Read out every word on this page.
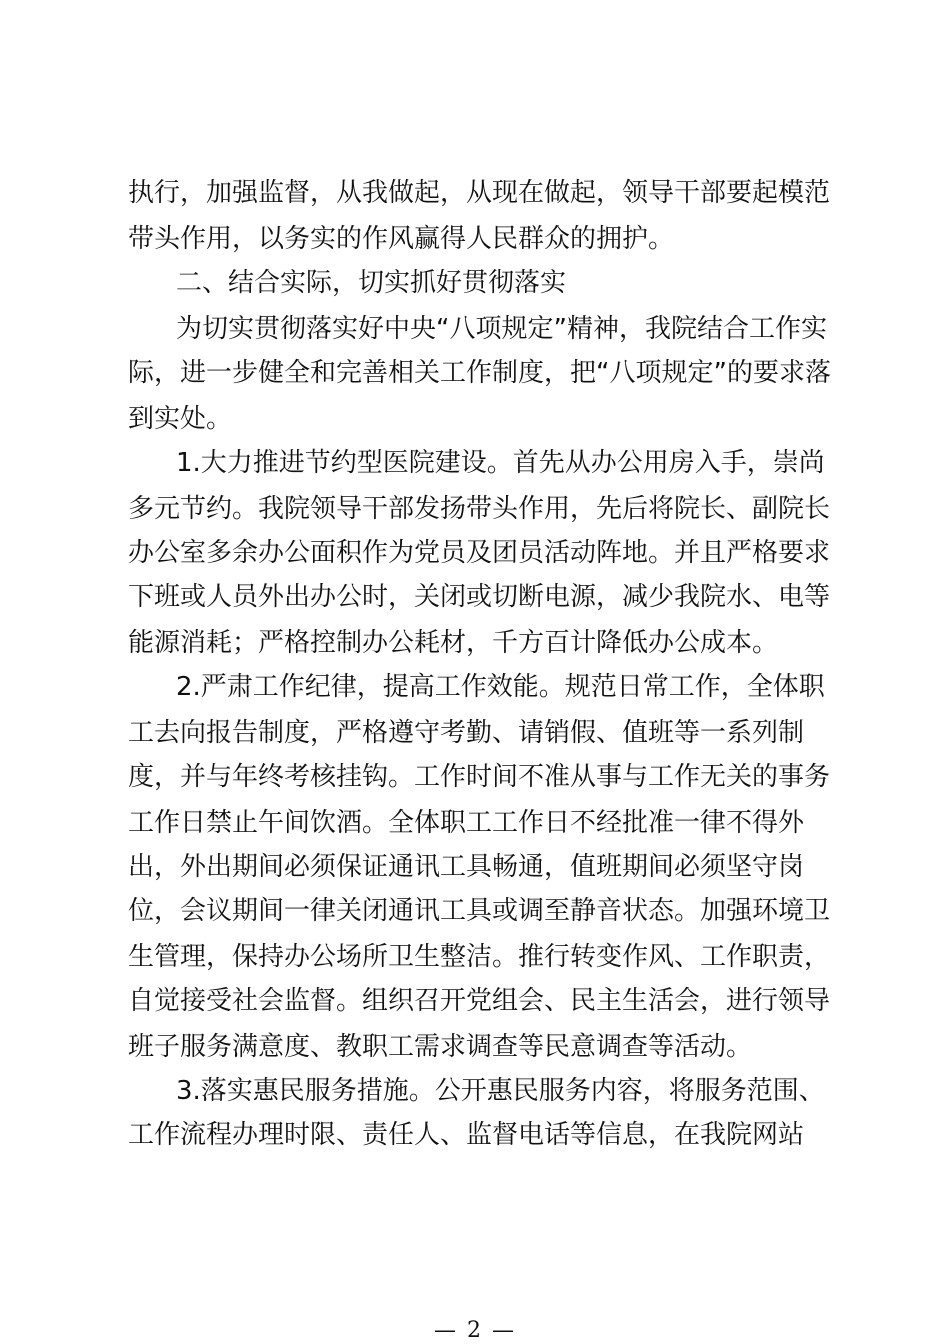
执行，加强监督，从我做起，从现在做起，领导干部要起模范
带头作用，以务实的作风赢得人民群众的拥护。
二、结合实际，切实抓好贯彻落实
为切实贯彻落实好中央“八项规定”精神，我院结合工作实
际，进一步健全和完善相关工作制度，把“八项规定”的要求落
到实处。
1.大力推进节约型医院建设。首先从办公用房入手，崇尚
多元节约。我院领导干部发扬带头作用，先后将院长、副院长
办公室多余办公面积作为党员及团员活动阵地。并且严格要求
下班或人员外出办公时，关闭或切断电源，减少我院水、电等
能源消耗；严格控制办公耗材，千方百计降低办公成本。
2.严肃工作纪律，提高工作效能。规范日常工作，全体职
工去向报告制度，严格遵守考勤、请销假、值班等一系列制
度，并与年终考核挂钩。工作时间不准从事与工作无关的事务
工作日禁止午间饮酒。全体职工工作日不经批准一律不得外
出，外出期间必须保证通讯工具畅通，值班期间必须坚守岗
位，会议期间一律关闭通讯工具或调至静音状态。加强环境卫
生管理，保持办公场所卫生整洁。推行转变作风、工作职责，
自觉接受社会监督。组织召开党组会、民主生活会，进行领导
班子服务满意度、教职工需求调查等民意调查等活动。
3.落实惠民服务措施。公开惠民服务内容，将服务范围、
工作流程办理时限、责任人、监督电话等信息，在我院网站
— 2 —
